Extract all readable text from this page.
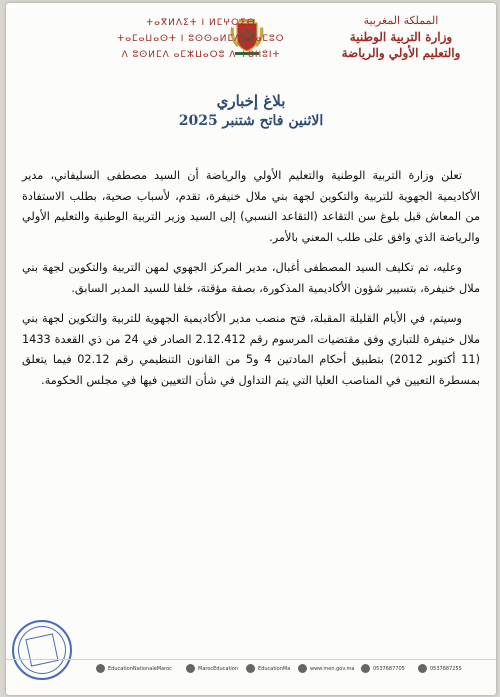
المملكة المغربية
وزارة التربية الوطنية
والتعليم الأولي والرياضة
ⵜⴰⴳⵍⴷⵉⵜ ⵏ ⵍⵎⵖⵔⵉⴱ
ⵜⴰⵎⴰⵡⴰⵙⵜ ⵏ ⵓⵙⵙⴰⵍⵎⴷ ⴰⵏⴰⵎⵓⵔ
ⴷ ⵓⵙⵍⵎⴷ ⴰⵎⵣⵡⴰⵔⵓ ⴷ ⵜⵓⵏⵏⵓⵏⵜ
بلاغ إخباري
الاثنين فاتح شتنبر 2025

تعلن وزارة التربية الوطنية والتعليم الأولي والرياضة أن السيد مصطفى السليفاني، مدير الأكاديمية الجهوية للتربية والتكوين لجهة بني ملال خنيفرة، تقدم، لأسباب صحية، بطلب الاستفادة من المعاش قبل بلوغ سن التقاعد (التقاعد النسبي) إلى السيد وزير التربية الوطنية والتعليم الأولي والرياضة الذي وافق على طلب المعني بالأمر.

وعليه، تم تكليف السيد المصطفى أغبال، مدير المركز الجهوي لمهن التربية والتكوين لجهة بني ملال خنيفرة، بتسيير شؤون الأكاديمية المذكورة، بصفة مؤقتة، خلفا للسيد المدير السابق.

وسيتم، في الأيام القليلة المقبلة، فتح منصب مدير الأكاديمية الجهوية للتربية والتكوين لجهة بني ملال خنيفرة للتباري وفق مقتضيات المرسوم رقم 2.12.412 الصادر في 24 من ذي القعدة 1433 (11 أكتوبر 2012) بتطبيق أحكام المادتين 4 و5 من القانون التنظيمي رقم 02.12 فيما يتعلق بمسطرة التعيين في المناصب العليا التي يتم التداول في شأن التعيين فيها في مجلس الحكومة.

EducationNationaleMaroc	MarocEducation	EducationMa	www.men.gov.ma	0537687705	0537687255
